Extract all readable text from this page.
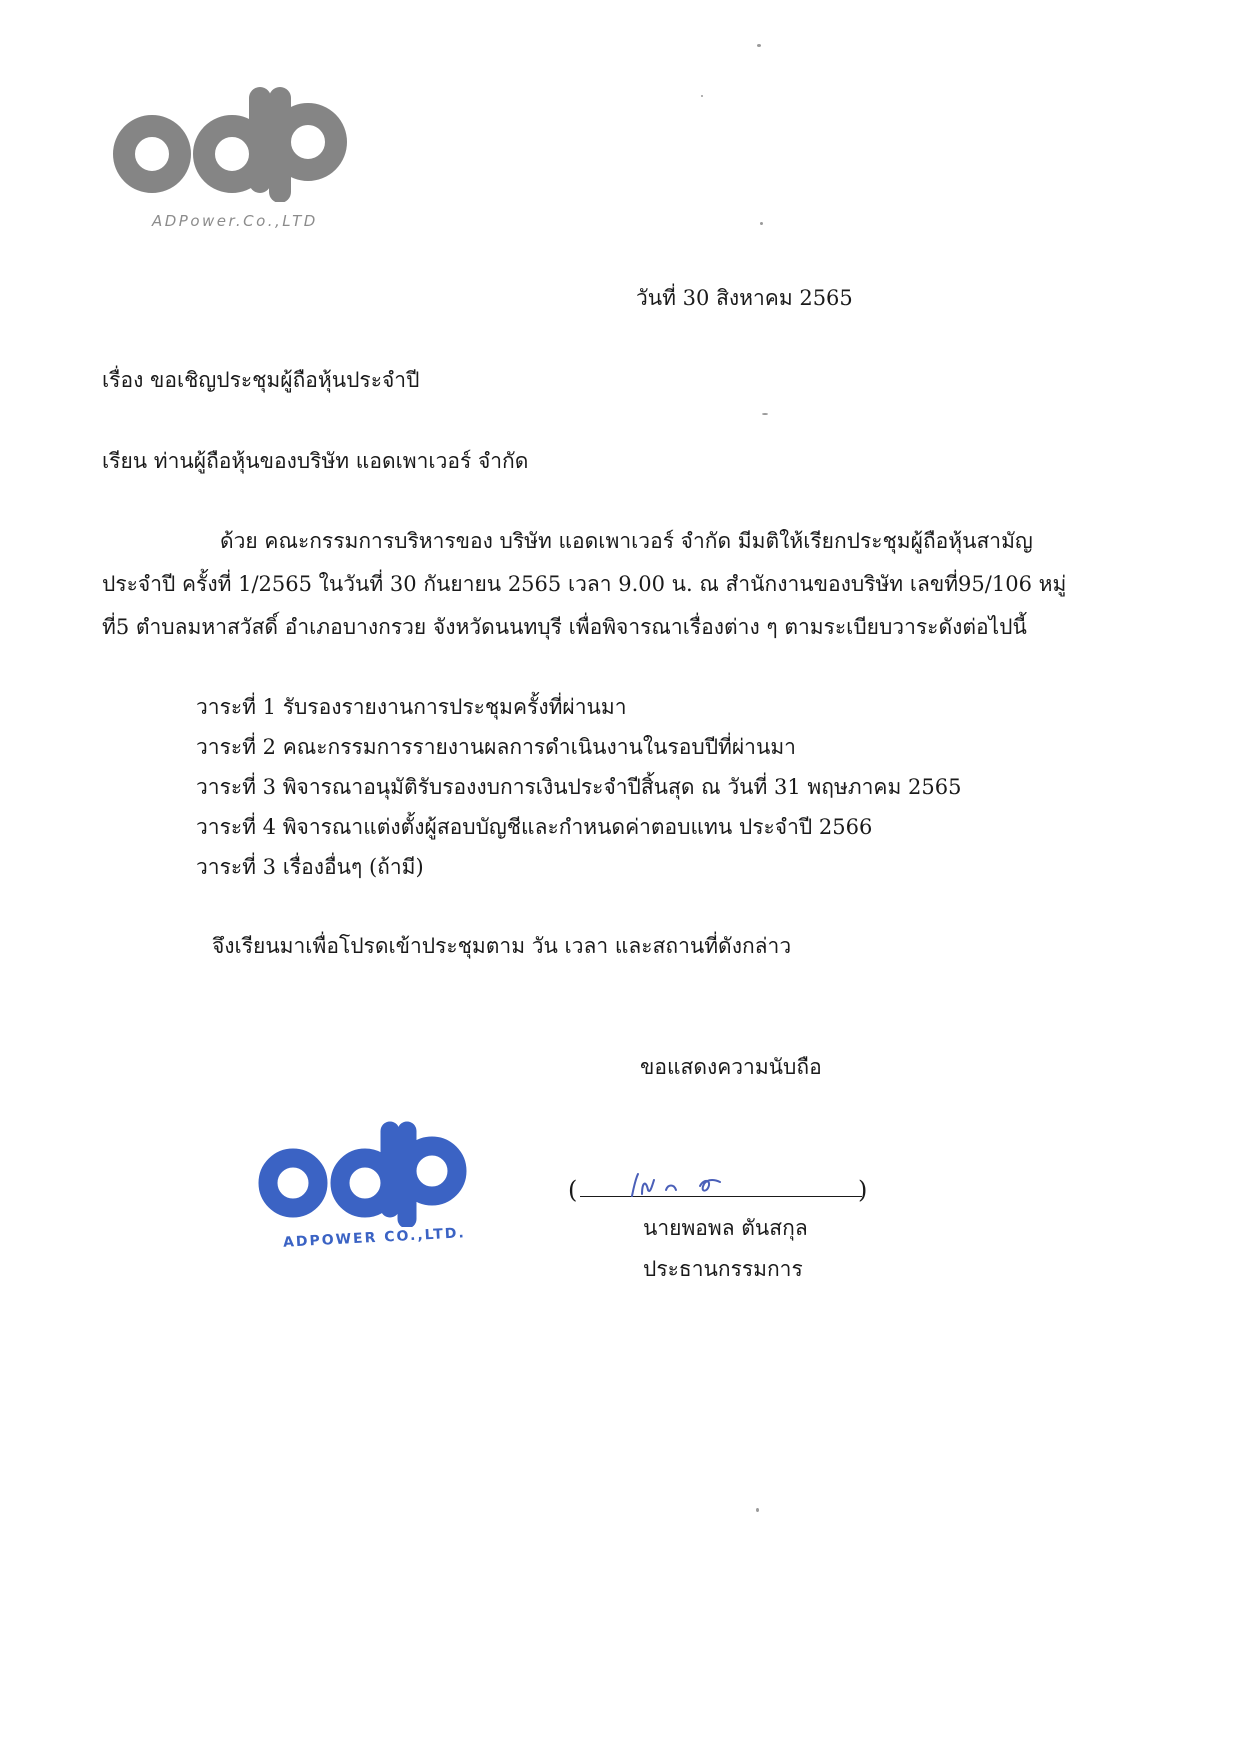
ADPower.Co.,LTD
วันที่ 30 สิงหาคม 2565
เรื่อง ขอเชิญประชุมผู้ถือหุ้นประจำปี
เรียน ท่านผู้ถือหุ้นของบริษัท แอดเพาเวอร์ จำกัด
ด้วย คณะกรรมการบริหารของ บริษัท แอดเพาเวอร์ จำกัด มีมติให้เรียกประชุมผู้ถือหุ้นสามัญ
ประจำปี ครั้งที่ 1/2565 ในวันที่ 30 กันยายน 2565 เวลา 9.00 น. ณ สำนักงานของบริษัท เลขที่95/106 หมู่
ที่5 ตำบลมหาสวัสดิ์ อำเภอบางกรวย จังหวัดนนทบุรี เพื่อพิจารณาเรื่องต่าง ๆ ตามระเบียบวาระดังต่อไปนี้
วาระที่ 1 รับรองรายงานการประชุมครั้งที่ผ่านมา
วาระที่ 2 คณะกรรมการรายงานผลการดำเนินงานในรอบปีที่ผ่านมา
วาระที่ 3 พิจารณาอนุมัติรับรองงบการเงินประจำปีสิ้นสุด ณ วันที่ 31 พฤษภาคม 2565
วาระที่ 4 พิจารณาแต่งตั้งผู้สอบบัญชีและกำหนดค่าตอบแทน ประจำปี 2566
วาระที่ 3 เรื่องอื่นๆ (ถ้ามี)
จึงเรียนมาเพื่อโปรดเข้าประชุมตาม วัน เวลา และสถานที่ดังกล่าว
ขอแสดงความนับถือ
ADPOWER CO.,LTD.
(	)
นายพอพล ตันสกุล
ประธานกรรมการ
